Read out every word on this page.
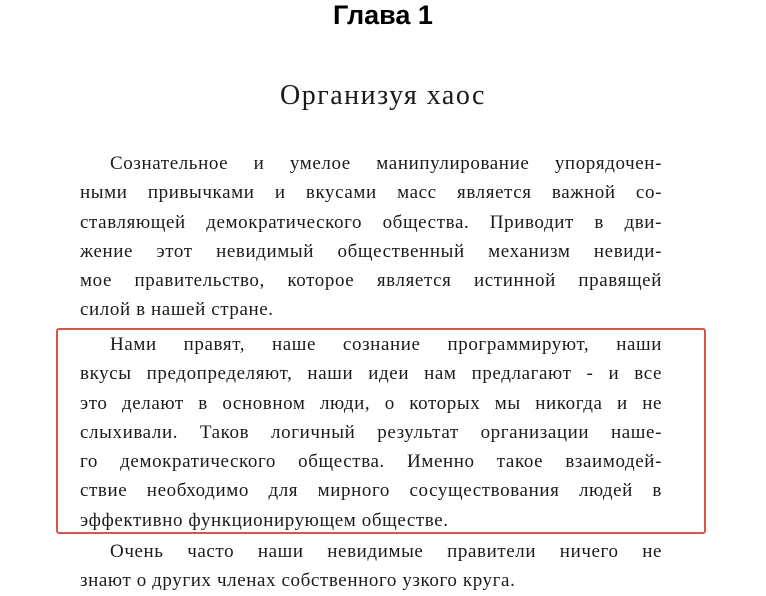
Глава 1
Организуя хаос
Сознательное и умелое манипулирование упорядочен-
ными привычками и вкусами масс является важной со-
ставляющей демократического общества. Приводит в дви-
жение этот невидимый общественный механизм невиди-
мое правительство, которое является истинной правящей
силой в нашей стране.
Нами правят, наше сознание программируют, наши
вкусы предопределяют, наши идеи нам предлагают - и все
это делают в основном люди, о которых мы никогда и не
слыхивали. Таков логичный результат организации наше-
го демократического общества. Именно такое взаимодей-
ствие необходимо для мирного сосуществования людей в
эффективно функционирующем обществе.
Очень часто наши невидимые правители ничего не
знают о других членах собственного узкого круга.
